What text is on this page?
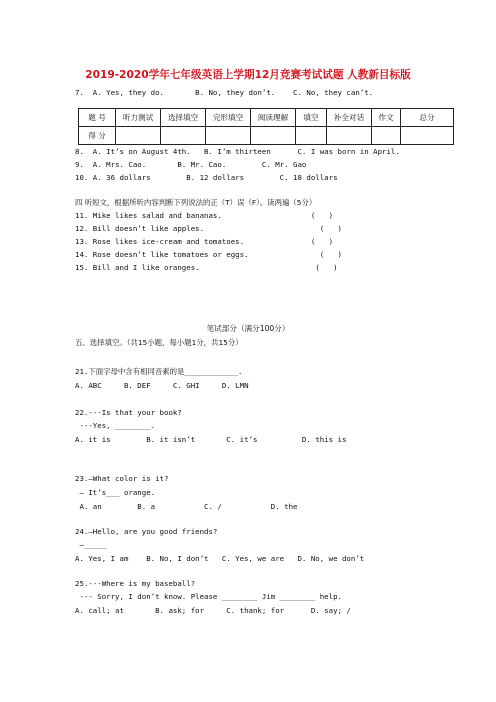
2019-2020学年七年级英语上学期12月竞赛考试试题 人教新目标版
7.  A. Yes, they do.       B. No, they don’t.    C. No, they can’t.
题 号	听力测试	选择填空	完形填空	阅读理解	填空	补全对话	作文	总分
得 分								
8.  A. It’s on August 4th.   B. I’m thirteen      C. I was born in April.
9.  A. Mrs. Cao.       B. Mr. Cao.        C. Mr. Gao
10. A. 36 dollars        B. 12 dollars        C. 18 dollars
四 听短文，根据所听内容判断下列说法的正（T）误（F）。读两遍（5分）
11. Mike likes salad and bananas.                    (   )
12. Bill doesn’t like apples.                          (   )
13. Rose likes ice-cream and tomatoes.               (   )
14. Rose doesn’t like tomatoes or eggs.                (   )
15. Bill and I like oranges.                          (   )
笔试部分（满分100分）
五、选择填空。（共15小题，每小题1分，共15分）
21.下面字母中含有相同音素的是____________.
A. ABC     B. DEF     C. GHI     D. LMN
22.---Is that your book?
---Yes, ________.
A. it is        B. it isn’t       C. it’s          D. this is
23.—What color is it?
— It’s___ orange.
A. an        B. a           C. /           D. the
24.—Hello, are you good friends?
—_____
A. Yes, I am    B. No, I don’t   C. Yes, we are   D. No, we don’t
25.---Where is my baseball?
--- Sorry, I don’t know. Please ________ Jim ________ help.
A. call; at       B. ask; for     C. thank; for      D. say; /
